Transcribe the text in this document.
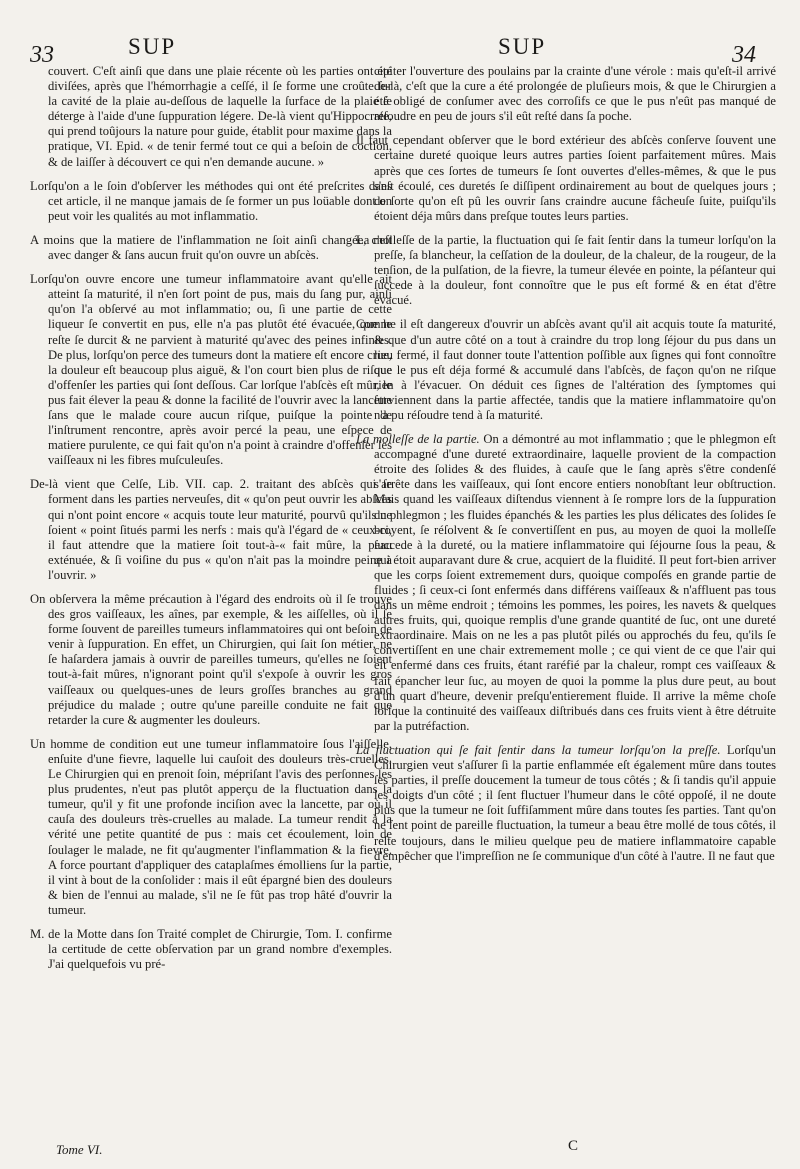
33	SUP	SUP	34

couvert. C'eſt ainſi que dans une plaie récente où les parties ont été diviſées, après que l'hémorrhagie a ceſſé, il ſe forme une croûte ſur la cavité de la plaie au-deſſous de laquelle la ſurface de la plaie ſe déterge à l'aide d'une ſuppuration légere. De-là vient qu'Hippocrate, qui prend toûjours la nature pour guide, établit pour maxime dans la pratique, VI. Epid. « de tenir fermé tout ce qui a beſoin de coction, & de laiſſer à découvert ce qui n'en demande aucune. »

Lorſqu'on a le ſoin d'obſerver les méthodes qui ont été preſcrites dans cet article, il ne manque jamais de ſe former un pus loüable dont on peut voir les qualités au mot inflammatio.

A moins que la matiere de l'inflammation ne ſoit ainſi changée, c'eſt avec danger & ſans aucun fruit qu'on ouvre un abſcès.

Lorſqu'on ouvre encore une tumeur inflammatoire avant qu'elle ait atteint ſa maturité, il n'en ſort point de pus, mais du ſang pur, ainſi qu'on l'a obſervé au mot inflammatio; ou, ſi une partie de cette liqueur ſe convertit en pus, elle n'a pas plutôt été évacuée, que le reſte ſe durcit & ne parvient à maturité qu'avec des peines infinies. De plus, lorſqu'on perce des tumeurs dont la matiere eſt encore crue, la douleur eſt beaucoup plus aiguë, & l'on court bien plus de riſque d'offenſer les parties qui ſont deſſous. Car lorſque l'abſcès eſt mûr, le pus fait élever la peau & donne la facilité de l'ouvrir avec la lancette ſans que le malade coure aucun riſque, puiſque la pointe de l'inſtrument rencontre, après avoir percé la peau, une eſpece de matiere purulente, ce qui fait qu'on n'a point à craindre d'offenſer les vaiſſeaux ni les fibres muſculeuſes.

De-là vient que Celſe, Lib. VII. cap. 2. traitant des abſcès qui ſe forment dans les parties nerveuſes, dit « qu'on peut ouvrir les abſcès qui n'ont point encore « acquis toute leur maturité, pourvû qu'ils ne ſoient « point ſitués parmi les nerfs : mais qu'à l'égard de « ceux-ci, il faut attendre que la matiere ſoit tout-à-« fait mûre, la peau exténuée, & ſi voiſine du pus « qu'on n'ait pas la moindre peine à l'ouvrir. »

On obſervera la même précaution à l'égard des endroits où il ſe trouve des gros vaiſſeaux, les aînes, par exemple, & les aiſſelles, où il ſe forme ſouvent de pareilles tumeurs inflammatoires qui ont beſoin de venir à ſuppuration. En effet, un Chirurgien, qui ſait ſon métier, ne ſe haſardera jamais à ouvrir de pareilles tumeurs, qu'elles ne ſoient tout-à-fait mûres, n'ignorant point qu'il s'expoſe à ouvrir les gros vaiſſeaux ou quelques-unes de leurs groſſes branches au grand préjudice du malade ; outre qu'une pareille conduite ne fait que retarder la cure & augmenter les douleurs.

Un homme de condition eut une tumeur inflammatoire ſous l'aiſſelle, enſuite d'une fievre, laquelle lui cauſoit des douleurs très-cruelles. Le Chirurgien qui en prenoit ſoin, mépriſant l'avis des perſonnes les plus prudentes, n'eut pas plutôt apperçu de la fluctuation dans la tumeur, qu'il y fit une profonde inciſion avec la lancette, par où il cauſa des douleurs très-cruelles au malade. La tumeur rendit à la vérité une petite quantité de pus : mais cet écoulement, loin de ſoulager le malade, ne fit qu'augmenter l'inflammation & la fievre. A force pourtant d'appliquer des cataplaſmes émolliens ſur la partie, il vint à bout de la conſolider : mais il eût épargné bien des douleurs & bien de l'ennui au malade, s'il ne ſe fût pas trop hâté d'ouvrir la tumeur.

M. de la Motte dans ſon Traité complet de Chirurgie, Tom. I. confirme la certitude de cette obſervation par un grand nombre d'exemples. J'ai quelquefois vu pré-

cipiter l'ouverture des poulains par la crainte d'une vérole : mais qu'eſt-il arrivé de-là, c'eſt que la cure a été prolongée de pluſieurs mois, & que le Chirurgien a été obligé de conſumer avec des corroſifs ce que le pus n'eût pas manqué de réſoudre en peu de jours s'il eût reſté dans ſa poche.

Il faut cependant obſerver que le bord extérieur des abſcès conſerve ſouvent une certaine dureté quoique leurs autres parties ſoient parfaitement mûres. Mais après que ces ſortes de tumeurs ſe ſont ouvertes d'elles-mêmes, & que le pus s'eſt écoulé, ces duretés ſe diſſipent ordinairement au bout de quelques jours ; de ſorte qu'on eſt pû les ouvrir ſans craindre aucune fâcheuſe ſuite, puiſqu'ils étoient déja mûrs dans preſque toutes leurs parties.

La molleſſe de la partie, la fluctuation qui ſe fait ſentir dans la tumeur lorſqu'on la preſſe, ſa blancheur, la ceſſation de la douleur, de la chaleur, de la rougeur, de la tenſion, de la pulſation, de la fievre, la tumeur élevée en pointe, la péſanteur qui ſuccede à la douleur, font connoître que le pus eſt formé & en état d'être évacué.

Comme il eſt dangereux d'ouvrir un abſcès avant qu'il ait acquis toute ſa maturité, & que d'un autre côté on a tout à craindre du trop long ſéjour du pus dans un lieu fermé, il faut donner toute l'attention poſſible aux ſignes qui font connoître que le pus eſt déja formé & accumulé dans l'abſcès, de façon qu'on ne riſque rien à l'évacuer. On déduit ces ſignes de l'altération des ſymptomes qui ſurviennent dans la partie affectée, tandis que la matiere inflammatoire qu'on n'a pu réſoudre tend à ſa maturité.

La molleſſe de la partie. On a démontré au mot inflammatio ; que le phlegmon eſt accompagné d'une dureté extraordinaire, laquelle provient de la compaction étroite des ſolides & des fluides, à cauſe que le ſang après s'être condenſé s'arrête dans les vaiſſeaux, qui ſont encore entiers nonobſtant leur obſtruction. Mais quand les vaiſſeaux diſtendus viennent à ſe rompre lors de la ſuppuration du phlegmon ; les fluides épanchés & les parties les plus délicates des ſolides ſe broyent, ſe réſolvent & ſe convertiſſent en pus, au moyen de quoi la molleſſe ſuccede à la dureté, ou la matiere inflammatoire qui ſéjourne ſous la peau, & qui étoit auparavant dure & crue, acquiert de la fluidité. Il peut fort-bien arriver que les corps ſoient extremement durs, quoique compoſés en grande partie de fluides ; ſi ceux-ci ſont enfermés dans différens vaiſſeaux & n'affluent pas tous dans un même endroit ; témoins les pommes, les poires, les navets & quelques autres fruits, qui, quoique remplis d'une grande quantité de ſuc, ont une dureté extraordinaire. Mais on ne les a pas plutôt pilés ou approchés du feu, qu'ils ſe convertiſſent en une chair extremement molle ; ce qui vient de ce que l'air qui eſt enfermé dans ces fruits, étant raréfié par la chaleur, rompt ces vaiſſeaux & fait épancher leur ſuc, au moyen de quoi la pomme la plus dure peut, au bout d'un quart d'heure, devenir preſqu'entierement fluide. Il arrive la même choſe lorſque la continuité des vaiſſeaux diſtribués dans ces fruits vient à être détruite par la putréfaction.

La fluctuation qui ſe fait ſentir dans la tumeur lorſqu'on la preſſe. Lorſqu'un Chirurgien veut s'aſſurer ſi la partie enflammée eſt également mûre dans toutes ſes parties, il preſſe doucement la tumeur de tous côtés ; & ſi tandis qu'il appuie les doigts d'un côté ; il ſent fluctuer l'humeur dans le côté oppoſé, il ne doute plus que la tumeur ne ſoit ſuffiſamment mûre dans toutes ſes parties. Tant qu'on ne ſent point de pareille fluctuation, la tumeur a beau être mollé de tous côtés, il reſte toujours, dans le milieu quelque peu de matiere inflammatoire capable d'empêcher que l'impreſſion ne ſe communique d'un côté à l'autre. Il ne faut que

Tome VI.	C
